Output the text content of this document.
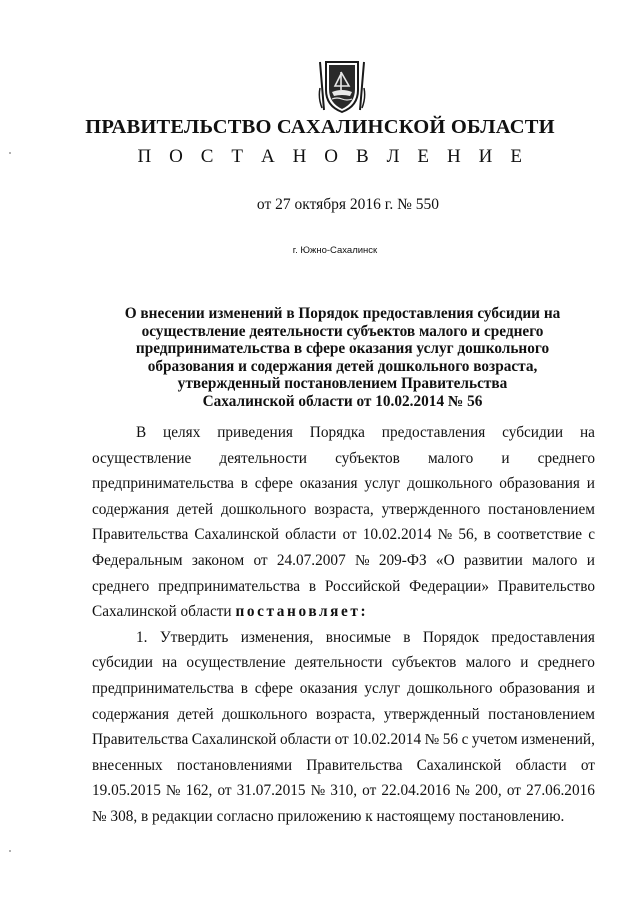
ПРАВИТЕЛЬСТВО САХАЛИНСКОЙ ОБЛАСТИ
П О С Т А Н О В Л Е Н И Е
от 27 октября 2016 г. № 550
г. Южно-Сахалинск
О внесении изменений в Порядок предоставления субсидии на
осуществление деятельности субъектов малого и среднего
предпринимательства в сфере оказания услуг дошкольного
образования и содержания детей дошкольного возраста,
утвержденный постановлением Правительства
Сахалинской области от 10.02.2014 № 56
В целях приведения Порядка предоставления субсидии на
осуществление деятельности субъектов малого и среднего
предпринимательства в сфере оказания услуг дошкольного образования и
содержания детей дошкольного возраста, утвержденного постановлением
Правительства Сахалинской области от 10.02.2014 № 56, в соответствие с
Федеральным законом от 24.07.2007 № 209-ФЗ «О развитии малого и
среднего предпринимательства в Российской Федерации» Правительство
Сахалинской области постановляет:
1. Утвердить изменения, вносимые в Порядок предоставления
субсидии на осуществление деятельности субъектов малого и среднего
предпринимательства в сфере оказания услуг дошкольного образования и
содержания детей дошкольного возраста, утвержденный постановлением
Правительства Сахалинской области от 10.02.2014 № 56 с учетом изменений,
внесенных постановлениями Правительства Сахалинской области от
19.05.2015 № 162, от 31.07.2015 № 310, от 22.04.2016 № 200, от 27.06.2016
№ 308, в редакции согласно приложению к настоящему постановлению.
